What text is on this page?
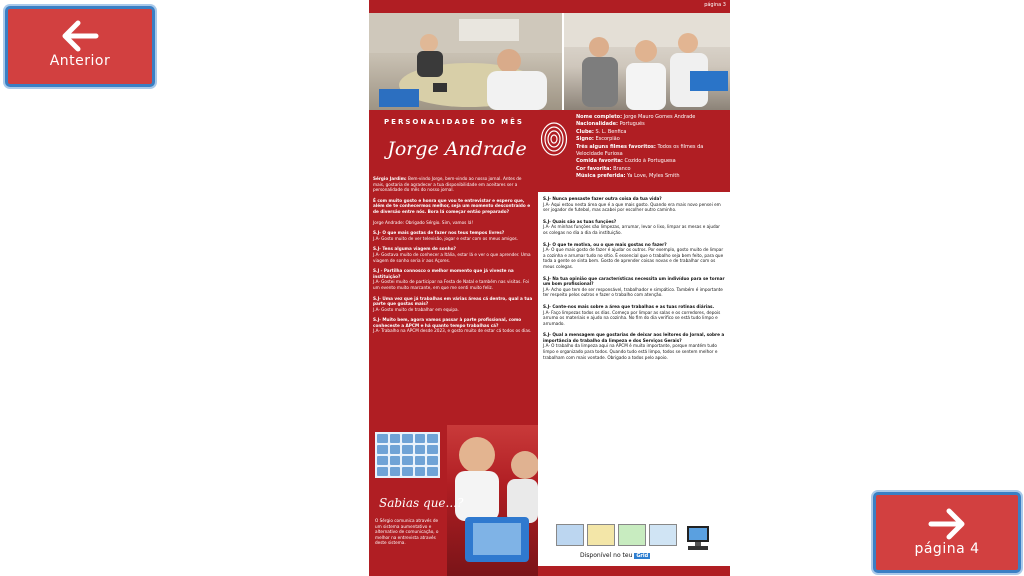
Anterior
página 3
PERSONALIDADE DO MÊS
Jorge Andrade
Nome completo: Jorge Mauro Gomes Andrade
Nacionalidade: Português
Clube: S. L. Benfica
Signo: Escorpião
Três alguns filmes favoritos: Todos os filmes da Velocidade Furiosa
Comida favorita: Cozido à Portuguesa
Cor favorita: Branco
Música preferida: Ya Love, Myles Smith

Sérgio Jardim: Bem-vindo Jorge, bem-vindo ao nosso jornal. Antes de mais, gostaria de agradecer a tua disponibilidade em aceitares ser a personalidade do mês do nosso jornal.

É com muito gosto e honra que vou te entrevistar e espero que, além de te conhecermos melhor, seja um momento descontraído e de diversão entre nós. Bora lá começar então preparado?

Jorge Andrade: Obrigado Sérgio. Sim, vamos lá!

S.J- O que mais gostas de fazer nos teus tempos livres?
J.A- Gosto muito de ver televisão, jogar e estar com os meus amigos.

S.J- Tens alguma viagem de sonho?
J.A- Gostava muito de conhecer a Itália, estar lá e ver o que aprender. Uma viagem de sonho seria ir aos Açores.

S.J - Partilha connosco o melhor momento que já viveste na instituição?
J.A- Gostei muito de participar na Festa de Natal e também nas visitas. Foi um evento muito marcante, em que me senti muito feliz.

S.J- Uma vez que já trabalhas em várias áreas cá dentro, qual a tua parte que gostas mais?
J.A- Gosto muito de trabalhar em equipa.

S.J- Muito bem, agora vamos passar à parte profissional, como conheceste a APCM e há quanto tempo trabalhas cá?
J.A- Trabalho na APCM desde 2023, e gosto muito de estar cá todos os dias.

S.J- Nunca pensaste fazer outra coisa da tua vida?
J.A- Aqui estou nesta área que é a que mais gosto. Quando era mais novo pensei em ser jogador de futebol, mas acabei por escolher outro caminho.

S.J- Quais são as tuas funções?
J.A- As minhas funções são limpezas, arrumar, levar o lixo, limpar as mesas e ajudar os colegas no dia a dia da instituição.

S.J- O que te motiva, ou o que mais gostas no fazer?
J.A- O que mais gosto de fazer é ajudar os outros. Por exemplo, gosto muito de limpar a cozinha e arrumar tudo no sítio. É essencial que o trabalho seja bem feito, para que toda a gente se sinta bem. Gosto de aprender coisas novas e de trabalhar com os meus colegas.

S.J- Na tua opinião que características necessita um indivíduo para se tornar um bom profissional?
J.A- Acho que tem de ser responsável, trabalhador e simpático. Também é importante ter respeito pelos outros e fazer o trabalho com atenção.

S.J- Conte-nos mais sobre a área que trabalhas e as tuas rotinas diárias.
J.A- Faço limpezas todos os dias. Começo por limpar as salas e os corredores, depois arrumo os materiais e ajudo na cozinha. No fim do dia verifico se está tudo limpo e arrumado.

S.J- Qual a mensagem que gostarias de deixar aos leitores do Jornal, sobre a importância do trabalho da limpeza e dos Serviços Gerais?
J.A- O trabalho da limpeza aqui na APCM é muito importante, porque mantém tudo limpo e organizado para todos. Quando tudo está limpo, todos se sentem melhor e trabalham com mais vontade. Obrigado a todos pelo apoio.

Sabias que...?
O Sérgio comunica através de um sistema aumentativo e alternativo de comunicação, o melhor na entrevista através deste sistema.
Disponível no teu Grid	página 4
